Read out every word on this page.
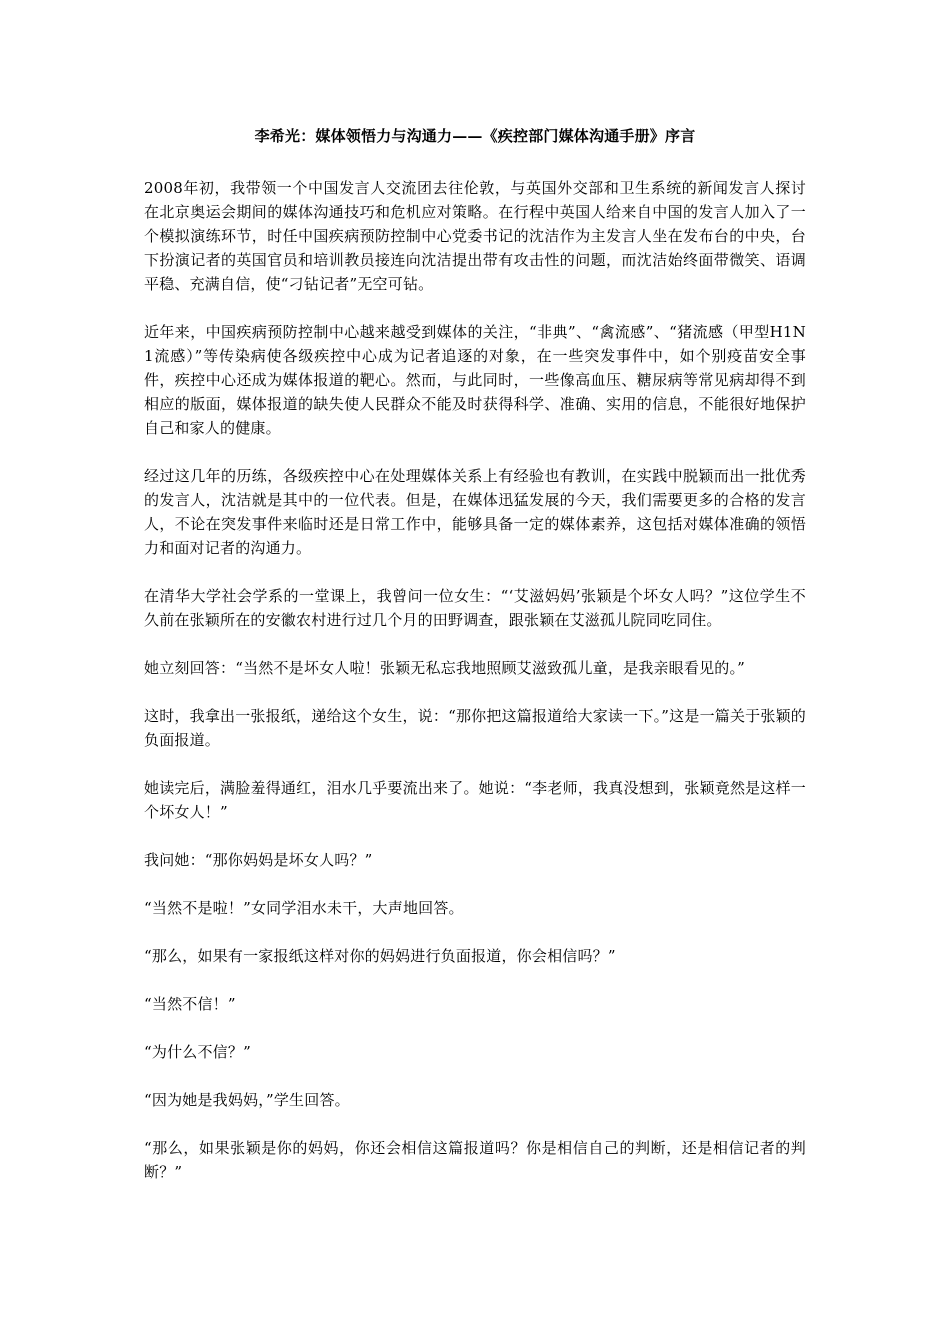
李希光：媒体领悟力与沟通力——《疾控部门媒体沟通手册》序言
2008年初，我带领一个中国发言人交流团去往伦敦，与英国外交部和卫生系统的新闻发言人探讨在北京奥运会期间的媒体沟通技巧和危机应对策略。在行程中英国人给来自中国的发言人加入了一个模拟演练环节，时任中国疾病预防控制中心党委书记的沈洁作为主发言人坐在发布台的中央，台下扮演记者的英国官员和培训教员接连向沈洁提出带有攻击性的问题，而沈洁始终面带微笑、语调平稳、充满自信，使“刁钻记者”无空可钻。
近年来，中国疾病预防控制中心越来越受到媒体的关注，“非典”、“禽流感”、“猪流感（甲型H1N1流感）”等传染病使各级疾控中心成为记者追逐的对象，在一些突发事件中，如个别疫苗安全事件，疾控中心还成为媒体报道的靶心。然而，与此同时，一些像高血压、糖尿病等常见病却得不到相应的版面，媒体报道的缺失使人民群众不能及时获得科学、准确、实用的信息，不能很好地保护自己和家人的健康。
经过这几年的历练，各级疾控中心在处理媒体关系上有经验也有教训，在实践中脱颖而出一批优秀的发言人，沈洁就是其中的一位代表。但是，在媒体迅猛发展的今天，我们需要更多的合格的发言人，不论在突发事件来临时还是日常工作中，能够具备一定的媒体素养，这包括对媒体准确的领悟力和面对记者的沟通力。
在清华大学社会学系的一堂课上，我曾问一位女生：“‘艾滋妈妈’张颖是个坏女人吗？”这位学生不久前在张颖所在的安徽农村进行过几个月的田野调查，跟张颖在艾滋孤儿院同吃同住。
她立刻回答：“当然不是坏女人啦！张颖无私忘我地照顾艾滋致孤儿童，是我亲眼看见的。”
这时，我拿出一张报纸，递给这个女生，说：“那你把这篇报道给大家读一下。”这是一篇关于张颖的负面报道。
她读完后，满脸羞得通红，泪水几乎要流出来了。她说：“李老师，我真没想到，张颖竟然是这样一个坏女人！”
我问她：“那你妈妈是坏女人吗？”
“当然不是啦！”女同学泪水未干，大声地回答。
“那么，如果有一家报纸这样对你的妈妈进行负面报道，你会相信吗？”
“当然不信！”
“为什么不信？”
“因为她是我妈妈，”学生回答。
“那么，如果张颖是你的妈妈，你还会相信这篇报道吗？你是相信自己的判断，还是相信记者的判断？”
